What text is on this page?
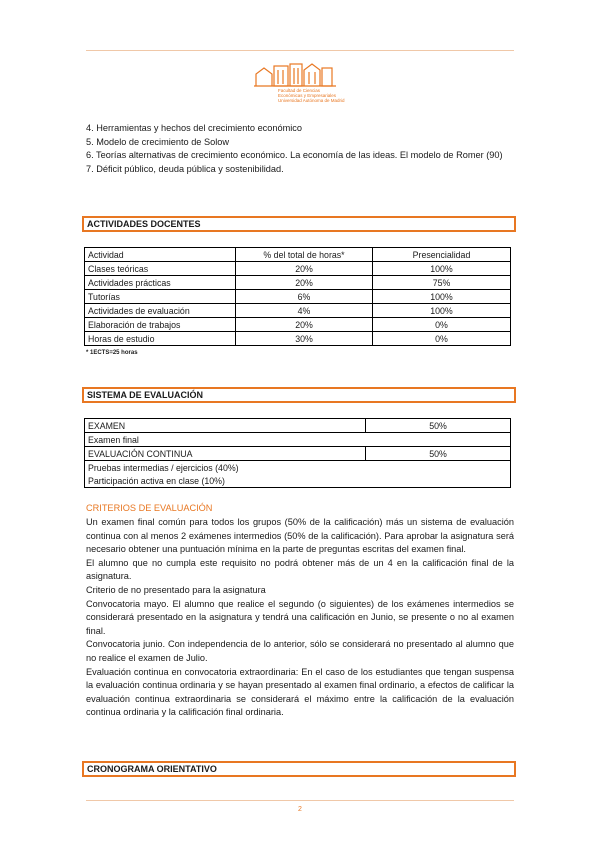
Facultad de Ciencias
Económicas y Empresariales
Universidad Autónoma de Madrid
4. Herramientas y hechos del crecimiento económico
5. Modelo de crecimiento de Solow
6. Teorías alternativas de crecimiento económico. La economía de las ideas. El modelo de Romer (90)
7. Déficit público, deuda pública y sostenibilidad.
ACTIVIDADES DOCENTES
Actividad	% del total de horas*	Presencialidad
Clases teóricas	20%	100%
Actividades prácticas	20%	75%
Tutorías	6%	100%
Actividades de evaluación	4%	100%
Elaboración de trabajos	20%	0%
Horas de estudio	30%	0%
* 1ECTS=25 horas
SISTEMA DE EVALUACIÓN
EXAMEN	50%
Examen final	
EVALUACIÓN CONTINUA	50%
Pruebas intermedias / ejercicios (40%)	
Participación activa en clase (10%)	
CRITERIOS DE EVALUACIÓN
Un examen final común para todos los grupos (50% de la calificación) más un sistema de evaluación continua con al menos 2 exámenes intermedios (50% de la calificación). Para aprobar la asignatura será necesario obtener una puntuación mínima en la parte de preguntas escritas del examen final.
El alumno que no cumpla este requisito no podrá obtener más de un 4 en la calificación final de la asignatura.
Criterio de no presentado para la asignatura
Convocatoria mayo. El alumno que realice el segundo (o siguientes) de los exámenes intermedios se considerará presentado en la asignatura y tendrá una calificación en Junio, se presente o no al examen final.
Convocatoria junio. Con independencia de lo anterior, sólo se considerará no presentado al alumno que no realice el examen de Julio.
Evaluación continua en convocatoria extraordinaria: En el caso de los estudiantes que tengan suspensa la evaluación continua ordinaria y se hayan presentado al examen final ordinario, a efectos de calificar la evaluación continua extraordinaria se considerará el máximo entre la calificación de la evaluación continua ordinaria y la calificación final ordinaria.
CRONOGRAMA ORIENTATIVO
2
